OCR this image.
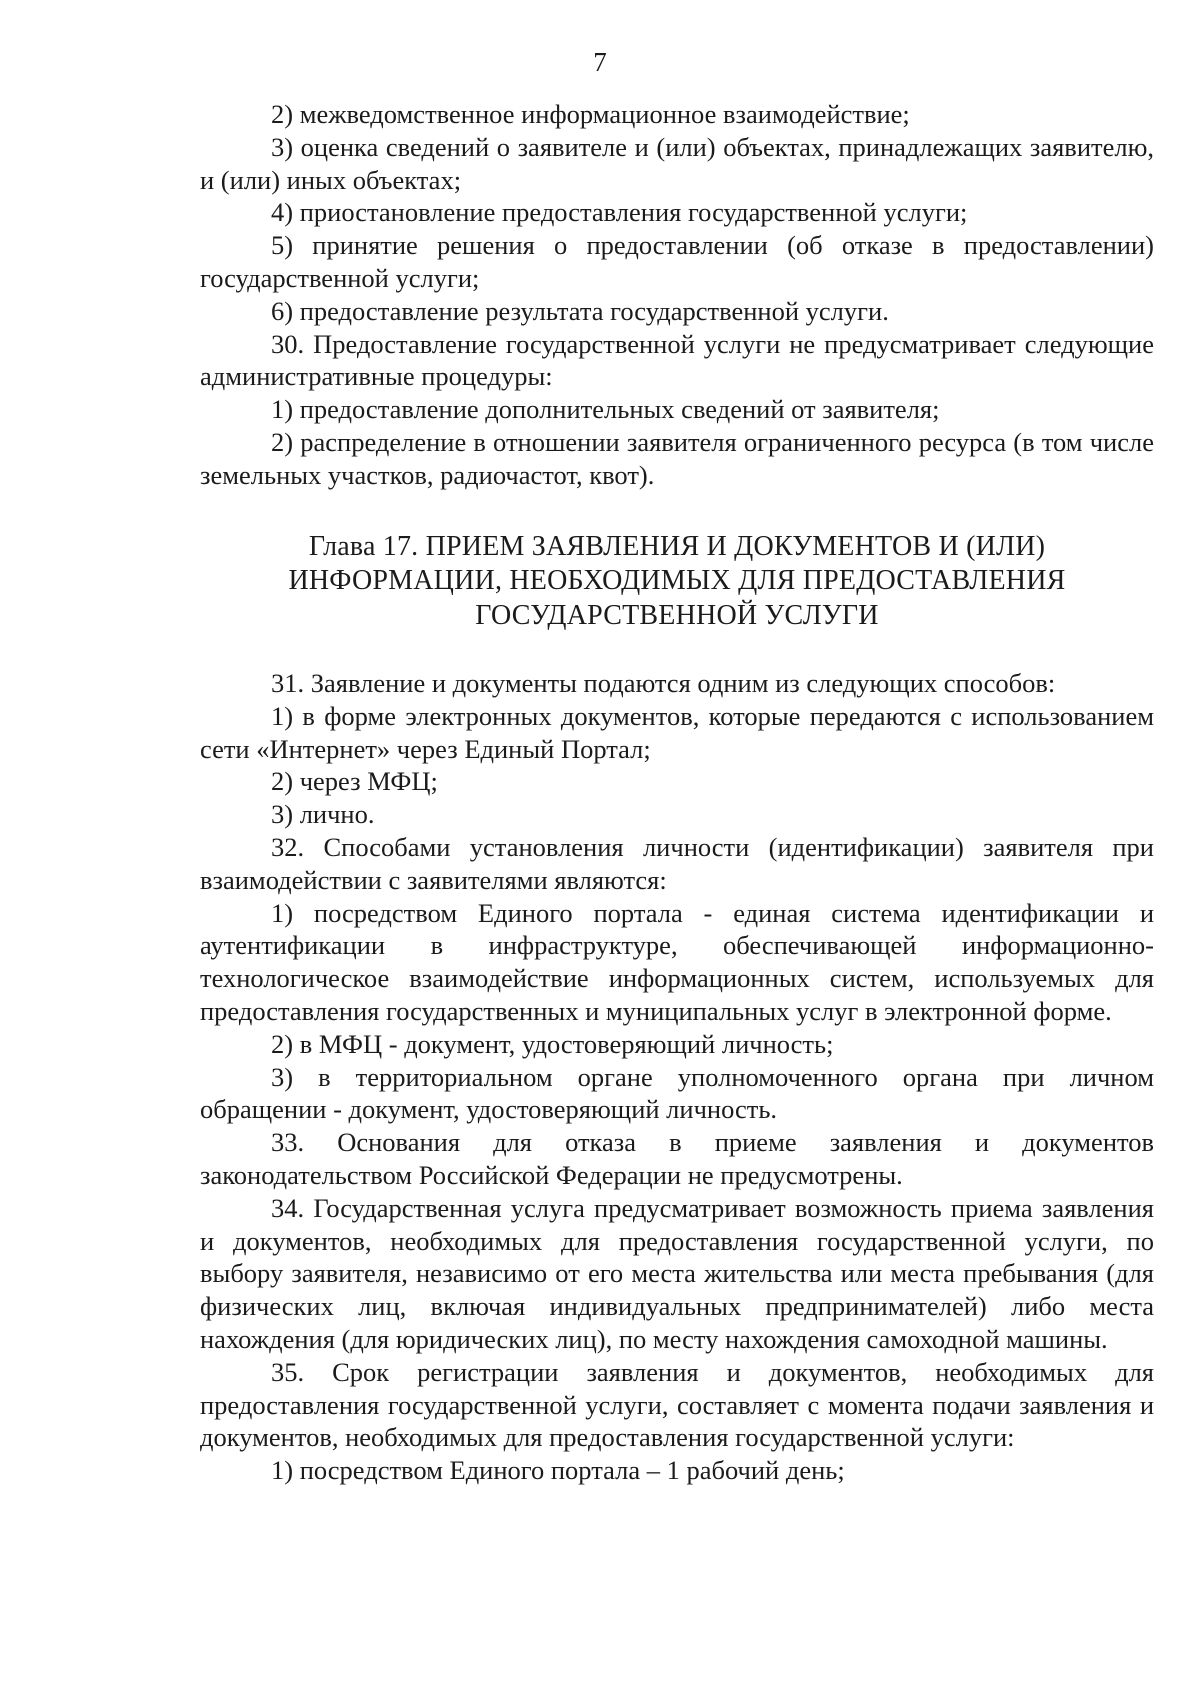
7

2) межведомственное информационное взаимодействие;

3) оценка сведений о заявителе и (или) объектах, принадлежащих заявителю, и (или) иных объектах;

4) приостановление предоставления государственной услуги;

5) принятие решения о предоставлении (об отказе в предоставлении) государственной услуги;

6) предоставление результата государственной услуги.

30. Предоставление государственной услуги не предусматривает следующие административные процедуры:

1) предоставление дополнительных сведений от заявителя;

2) распределение в отношении заявителя ограниченного ресурса (в том числе земельных участков, радиочастот, квот).

Глава 17. ПРИЕМ ЗАЯВЛЕНИЯ И ДОКУМЕНТОВ И (ИЛИ)
ИНФОРМАЦИИ, НЕОБХОДИМЫХ ДЛЯ ПРЕДОСТАВЛЕНИЯ
ГОСУДАРСТВЕННОЙ УСЛУГИ

31. Заявление и документы подаются одним из следующих способов:

1) в форме электронных документов, которые передаются с использованием сети «Интернет» через Единый Портал;

2) через МФЦ;

3) лично.

32. Способами установления личности (идентификации) заявителя при взаимодействии с заявителями являются:

1) посредством Единого портала - единая система идентификации и аутентификации в инфраструктуре, обеспечивающей информационно-технологическое взаимодействие информационных систем, используемых для предоставления государственных и муниципальных услуг в электронной форме.

2) в МФЦ - документ, удостоверяющий личность;

3) в территориальном органе уполномоченного органа при личном обращении - документ, удостоверяющий личность.

33. Основания для отказа в приеме заявления и документов законодательством Российской Федерации не предусмотрены.

34. Государственная услуга предусматривает возможность приема заявления и документов, необходимых для предоставления государственной услуги, по выбору заявителя, независимо от его места жительства или места пребывания (для физических лиц, включая индивидуальных предпринимателей) либо места нахождения (для юридических лиц), по месту нахождения самоходной машины.

35. Срок регистрации заявления и документов, необходимых для предоставления государственной услуги, составляет с момента подачи заявления и документов, необходимых для предоставления государственной услуги:

1) посредством Единого портала – 1 рабочий день;
